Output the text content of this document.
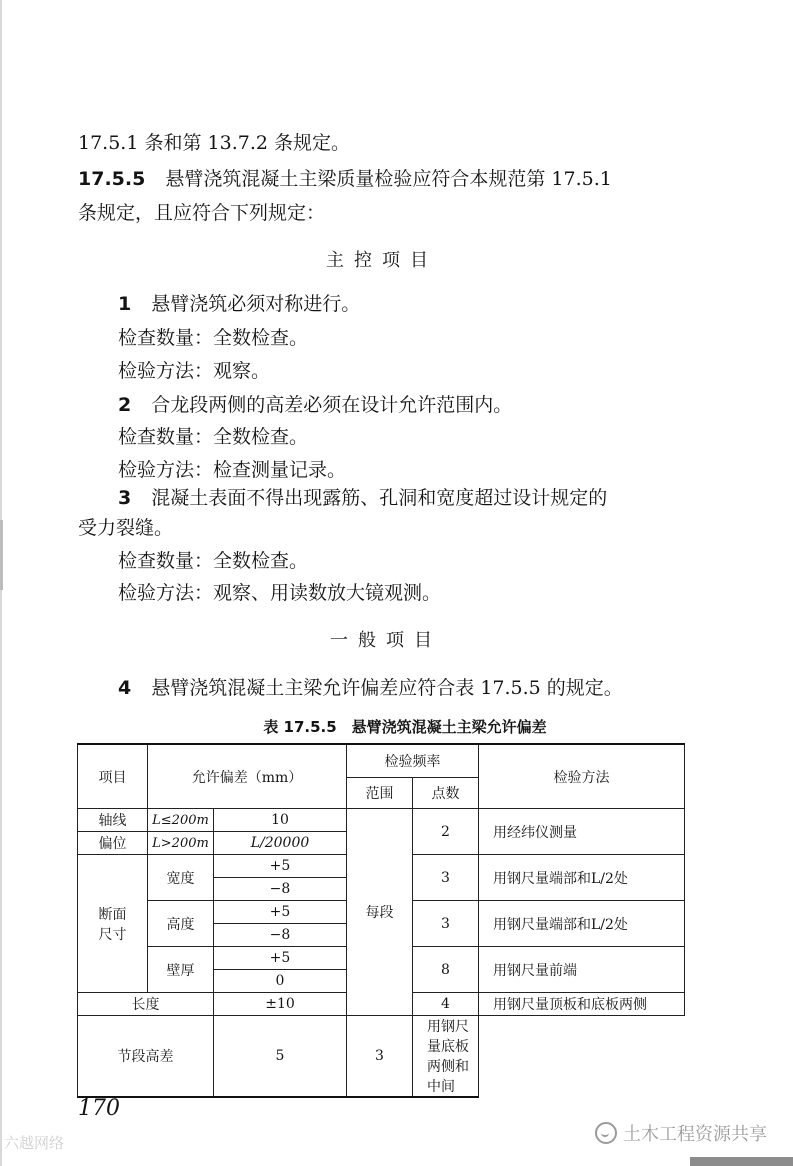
17.5.1 条和第 13.7.2 条规定。
17.5.5 悬臂浇筑混凝土主梁质量检验应符合本规范第 17.5.1
条规定，且应符合下列规定：
主控项目
1 悬臂浇筑必须对称进行。
检查数量：全数检查。
检验方法：观察。
2 合龙段两侧的高差必须在设计允许范围内。
检查数量：全数检查。
检验方法：检查测量记录。
3 混凝土表面不得出现露筋、孔洞和宽度超过设计规定的
受力裂缝。
检查数量：全数检查。
检验方法：观察、用读数放大镜观测。
一般项目
4 悬臂浇筑混凝土主梁允许偏差应符合表 17.5.5 的规定。
表 17.5.5　悬臂浇筑混凝土主梁允许偏差
项目	允许偏差（mm）		检验频率		检验方法
			范围	点数	
轴线	L≤200m	10	每段	2	用经纬仪测量
偏位	L>200m	L/20000			

断面
尺寸	宽度	+5		3	用钢尺量端部和L/2处
		−8			
	高度	+5		3	用钢尺量端部和L/2处
		−8			
	壁厚	+5		8	用钢尺量前端
		0			
长度		±10		4	用钢尺量顶板和底板两侧

节段高差		5	3	用钢尺量底板两侧和中间	

170
六越网络	土木工程资源共享
